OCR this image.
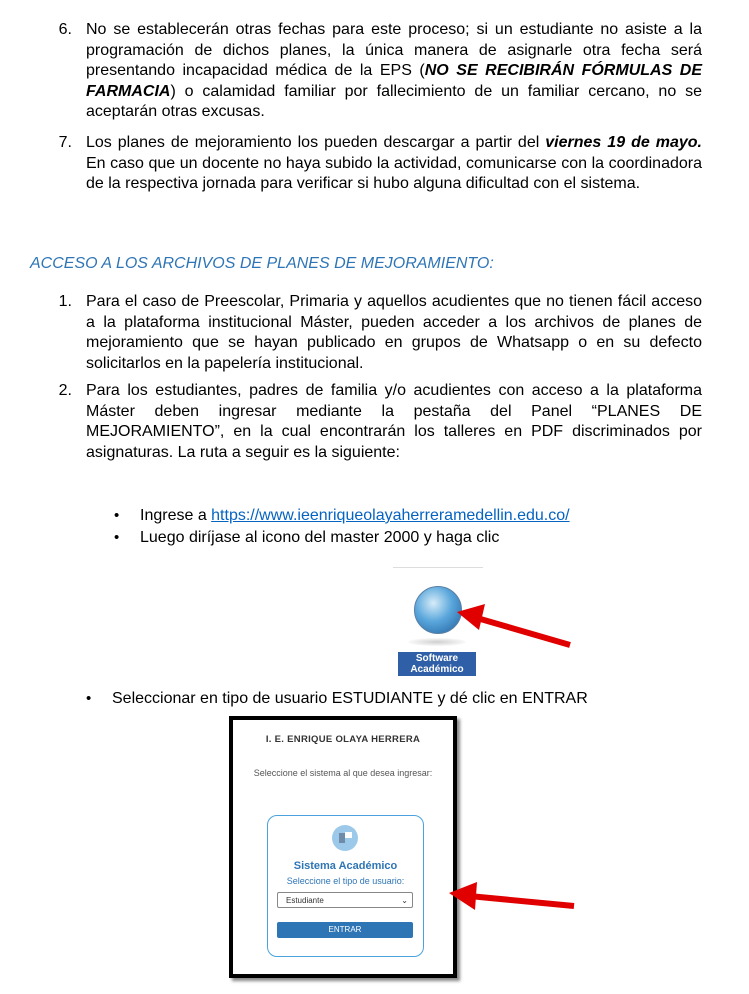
6. No se establecerán otras fechas para este proceso; si un estudiante no asiste a la programación de dichos planes, la única manera de asignarle otra fecha será presentando incapacidad médica de la EPS (NO SE RECIBIRÁN FÓRMULAS DE FARMACIA) o calamidad familiar por fallecimiento de un familiar cercano, no se aceptarán otras excusas.
7. Los planes de mejoramiento los pueden descargar a partir del viernes 19 de mayo. En caso que un docente no haya subido la actividad, comunicarse con la coordinadora de la respectiva jornada para verificar si hubo alguna dificultad con el sistema.
ACCESO A LOS ARCHIVOS DE PLANES DE MEJORAMIENTO:
1. Para el caso de Preescolar, Primaria y aquellos acudientes que no tienen fácil acceso a la plataforma institucional Máster, pueden acceder a los archivos de planes de mejoramiento que se hayan publicado en grupos de Whatsapp o en su defecto solicitarlos en la papelería institucional.
2. Para los estudiantes, padres de familia y/o acudientes con acceso a la plataforma Máster deben ingresar mediante la pestaña del Panel “PLANES DE MEJORAMIENTO”, en la cual encontrarán los talleres en PDF discriminados por asignaturas. La ruta a seguir es la siguiente:
• Ingrese a https://www.ieenriqueolayaherreramedellin.edu.co/
• Luego diríjase al icono del master 2000 y haga clic
Software
Académico
• Seleccionar en tipo de usuario ESTUDIANTE y dé clic en ENTRAR
I. E. ENRIQUE OLAYA HERRERA
Seleccione el sistema al que desea ingresar:
Sistema Académico
Seleccione el tipo de usuario:
Estudiante	⌄
ENTRAR
